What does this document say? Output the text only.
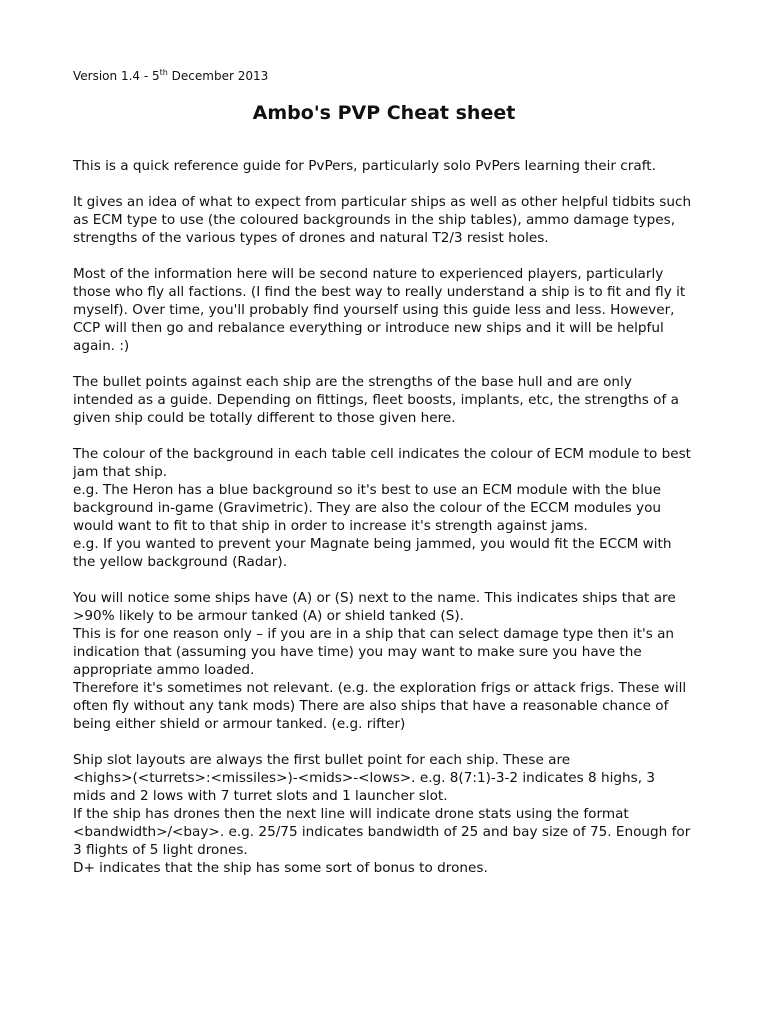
Version 1.4 - 5th December 2013
Ambo's PVP Cheat sheet

This is a quick reference guide for PvPers, particularly solo PvPers learning their craft.

It gives an idea of what to expect from particular ships as well as other helpful tidbits such
as ECM type to use (the coloured backgrounds in the ship tables), ammo damage types,
strengths of the various types of drones and natural T2/3 resist holes.

Most of the information here will be second nature to experienced players, particularly
those who fly all factions. (I find the best way to really understand a ship is to fit and fly it
myself). Over time, you'll probably find yourself using this guide less and less. However,
CCP will then go and rebalance everything or introduce new ships and it will be helpful
again. :)

The bullet points against each ship are the strengths of the base hull and are only
intended as a guide. Depending on fittings, fleet boosts, implants, etc, the strengths of a
given ship could be totally different to those given here.

The colour of the background in each table cell indicates the colour of ECM module to best
jam that ship.
e.g. The Heron has a blue background so it's best to use an ECM module with the blue
background in-game (Gravimetric). They are also the colour of the ECCM modules you
would want to fit to that ship in order to increase it's strength against jams.
e.g. If you wanted to prevent your Magnate being jammed, you would fit the ECCM with
the yellow background (Radar).

You will notice some ships have (A) or (S) next to the name. This indicates ships that are
>90% likely to be armour tanked (A) or shield tanked (S).
This is for one reason only – if you are in a ship that can select damage type then it's an
indication that (assuming you have time) you may want to make sure you have the
appropriate ammo loaded.
Therefore it's sometimes not relevant. (e.g. the exploration frigs or attack frigs. These will
often fly without any tank mods) There are also ships that have a reasonable chance of
being either shield or armour tanked. (e.g. rifter)

Ship slot layouts are always the first bullet point for each ship. These are
<highs>(<turrets>:<missiles>)-<mids>-<lows>. e.g. 8(7:1)-3-2 indicates 8 highs, 3
mids and 2 lows with 7 turret slots and 1 launcher slot.
If the ship has drones then the next line will indicate drone stats using the format
<bandwidth>/<bay>. e.g. 25/75 indicates bandwidth of 25 and bay size of 75. Enough for
3 flights of 5 light drones.
D+ indicates that the ship has some sort of bonus to drones.
